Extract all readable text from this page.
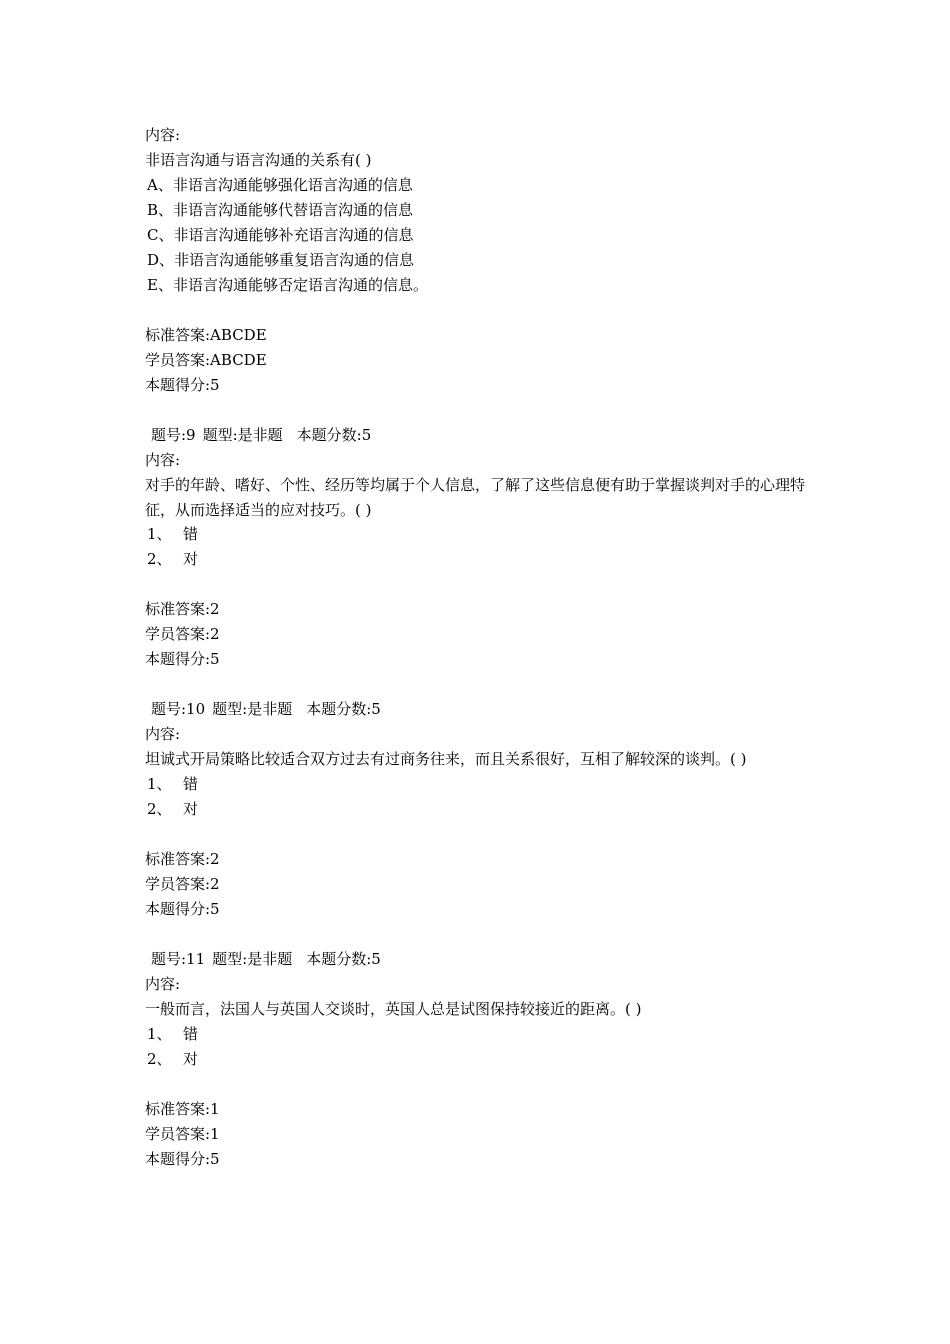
内容:
非语言沟通与语言沟通的关系有( )
A、非语言沟通能够强化语言沟通的信息
B、非语言沟通能够代替语言沟通的信息
C、非语言沟通能够补充语言沟通的信息
D、非语言沟通能够重复语言沟通的信息
E、非语言沟通能够否定语言沟通的信息。
标准答案:ABCDE
学员答案:ABCDE
本题得分:5
题号:9 题型:是非题 本题分数:5
内容:
对手的年龄、嗜好、个性、经历等均属于个人信息，了解了这些信息便有助于掌握谈判对手的心理特征，从而选择适当的应对技巧。( )
1、 错
2、 对
标准答案:2
学员答案:2
本题得分:5
题号:10 题型:是非题 本题分数:5
内容:
坦诚式开局策略比较适合双方过去有过商务往来，而且关系很好，互相了解较深的谈判。( )
1、 错
2、 对
标准答案:2
学员答案:2
本题得分:5
题号:11 题型:是非题 本题分数:5
内容:
一般而言，法国人与英国人交谈时，英国人总是试图保持较接近的距离。( )
1、 错
2、 对
标准答案:1
学员答案:1
本题得分:5
